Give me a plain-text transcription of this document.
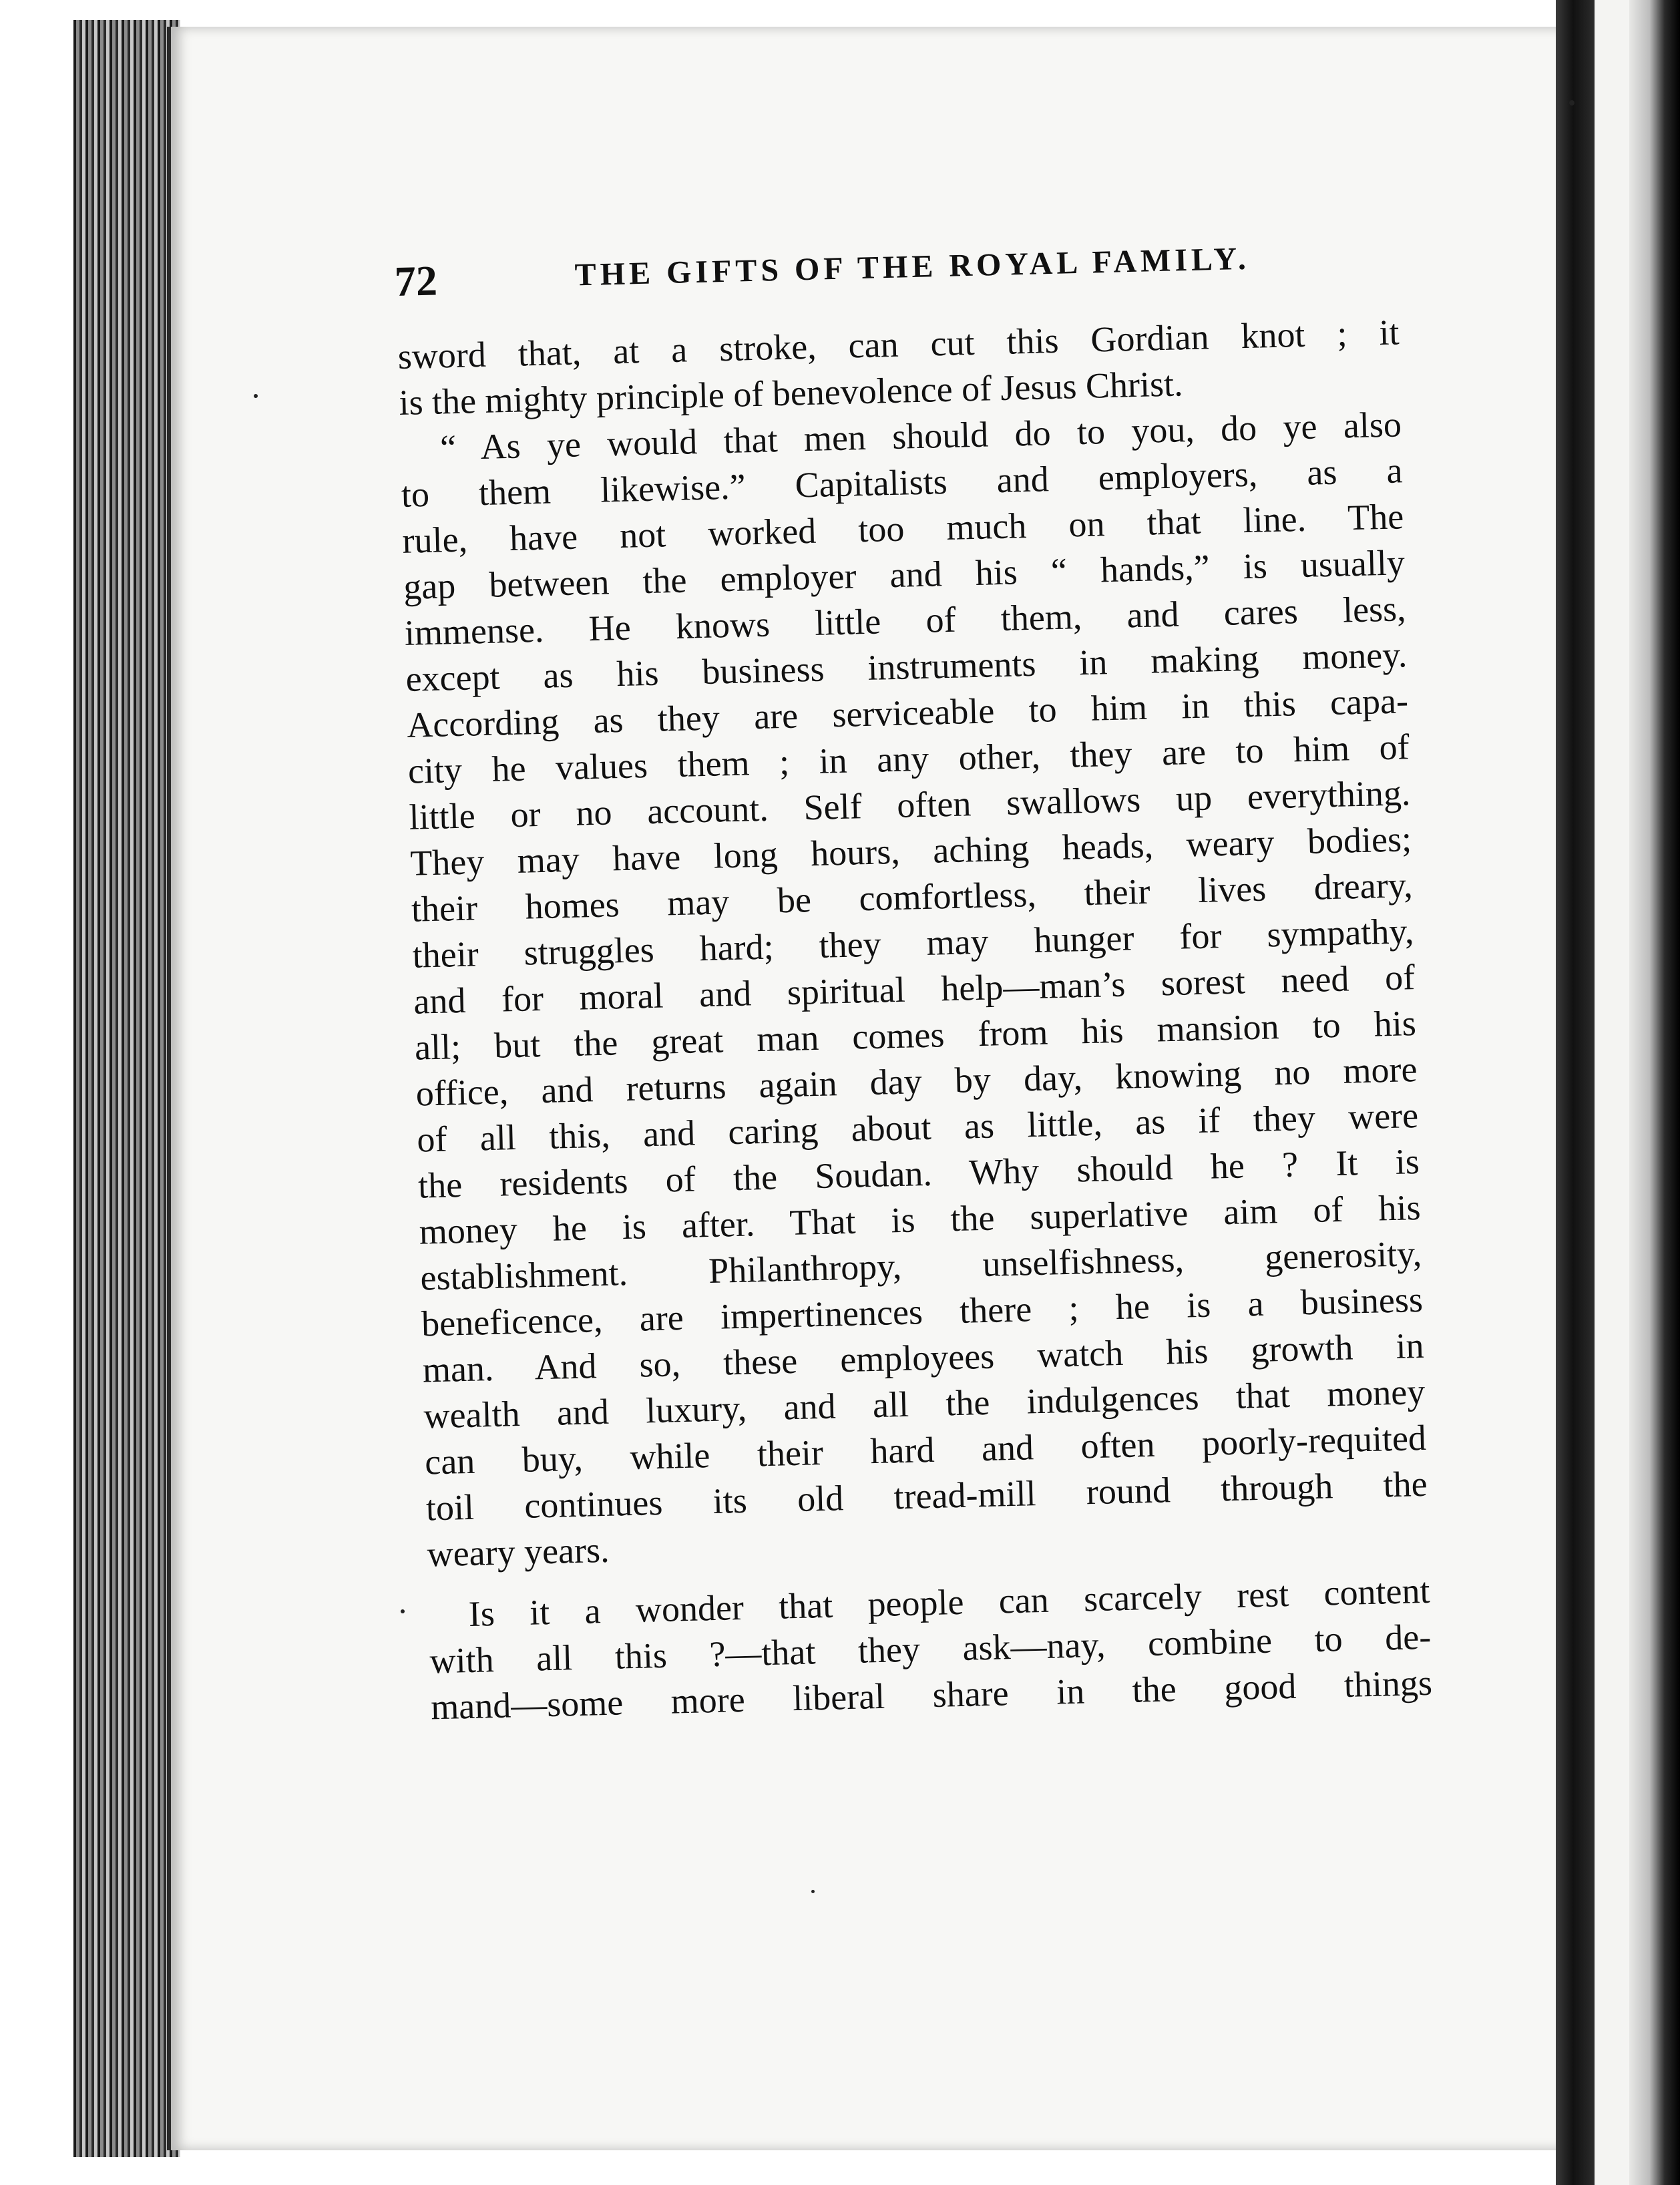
72	THE GIFTS OF THE ROYAL FAMILY.
sword that, at a stroke, can cut this Gordian knot ; it
is the mighty principle of benevolence of Jesus Christ.
“ As ye would that men should do to you, do ye also
to them likewise.” Capitalists and employers, as a
rule, have not worked too much on that line. The
gap between the employer and his “ hands,” is usually
immense. He knows little of them, and cares less,
except as his business instruments in making money.
According as they are serviceable to him in this capa-
city he values them ; in any other, they are to him of
little or no account. Self often swallows up everything.
They may have long hours, aching heads, weary bodies;
their homes may be comfortless, their lives dreary,
their struggles hard; they may hunger for sympathy,
and for moral and spiritual help—man’s sorest need of
all; but the great man comes from his mansion to his
office, and returns again day by day, knowing no more
of all this, and caring about as little, as if they were
the residents of the Soudan. Why should he ? It is
money he is after. That is the superlative aim of his
establishment. Philanthropy, unselfishness, generosity,
beneficence, are impertinences there ; he is a business
man. And so, these employees watch his growth in
wealth and luxury, and all the indulgences that money
can buy, while their hard and often poorly-requited
toil continues its old tread-mill round through the
weary years.
Is it a wonder that people can scarcely rest content
with all this ?—that they ask—nay, combine to de-
mand—some more liberal share in the good things
